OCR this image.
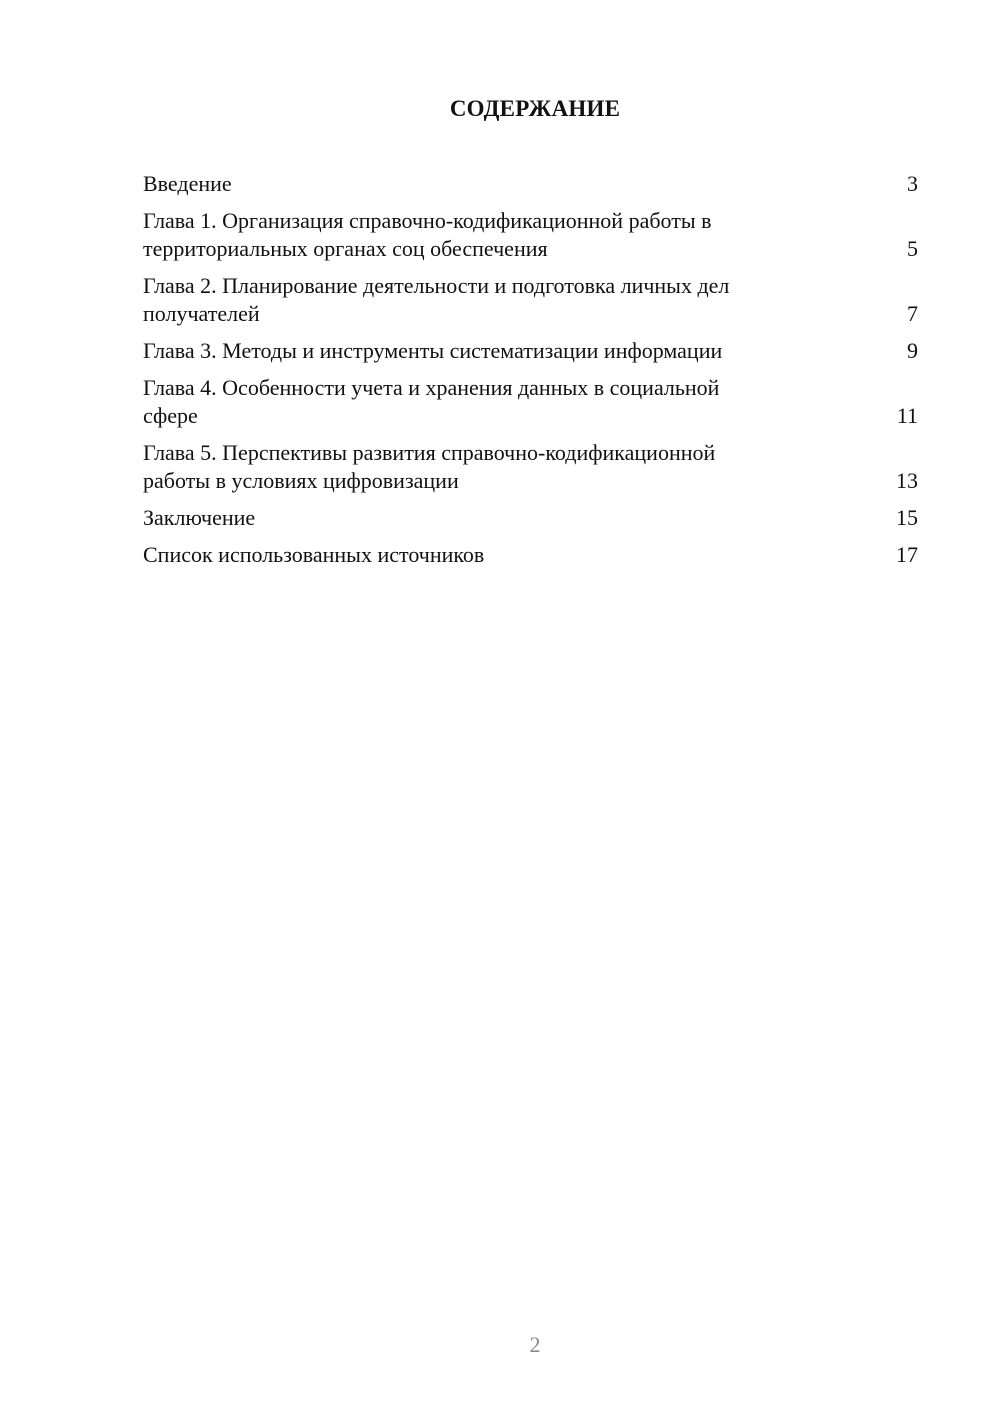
СОДЕРЖАНИЕ
Введение	3
Глава 1. Организация справочно-кодификационной работы в
территориальных органах соц обеспечения	5
Глава 2. Планирование деятельности и подготовка личных дел
получателей	7
Глава 3. Методы и инструменты систематизации информации	9
Глава 4. Особенности учета и хранения данных в социальной
сфере	11
Глава 5. Перспективы развития справочно-кодификационной
работы в условиях цифровизации	13
Заключение	15
Список использованных источников	17
2
